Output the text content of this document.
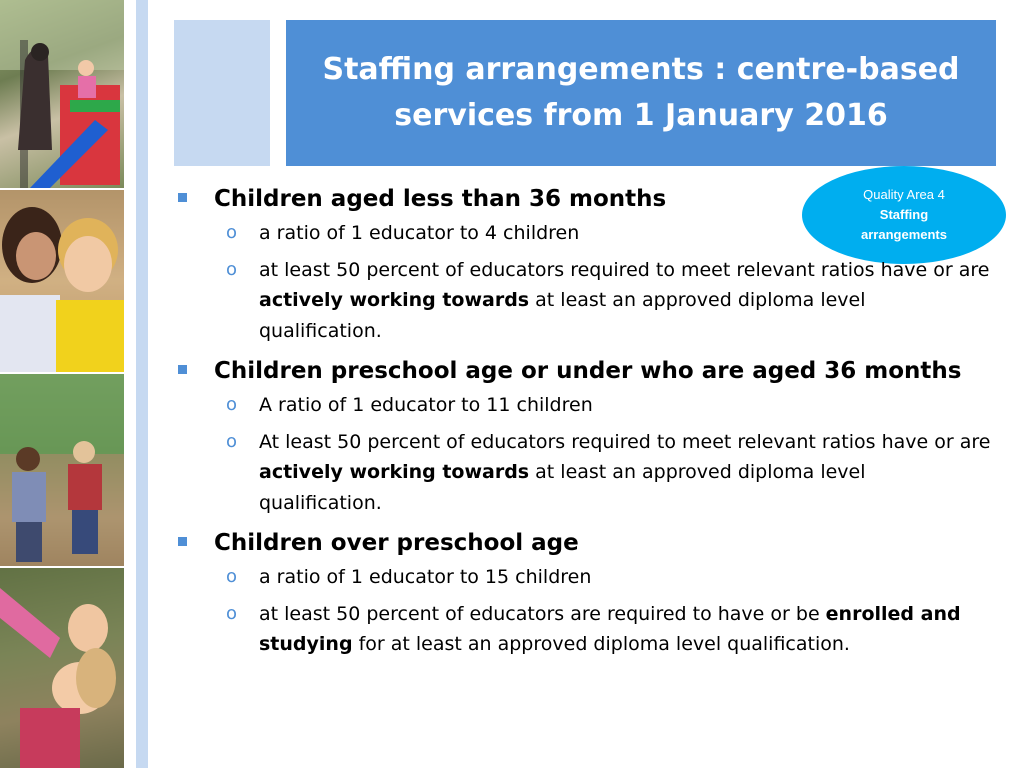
Staffing arrangements : centre-based services from 1 January 2016
Quality Area 4
Staffing
arrangements
Children aged less than 36 months
o a ratio of 1 educator to 4 children
o at least 50 percent of educators required to meet relevant ratios have or are actively working towards at least an approved diploma level qualification.
Children preschool age or under who are aged 36 months
o A ratio of 1 educator to 11 children
o At least 50 percent of educators required to meet relevant ratios have or are actively working towards at least an approved diploma level qualification.
Children over preschool age
o a ratio of 1 educator to 15 children
o at least 50 percent of educators are required to have or be enrolled and studying for at least an approved diploma level qualification.
